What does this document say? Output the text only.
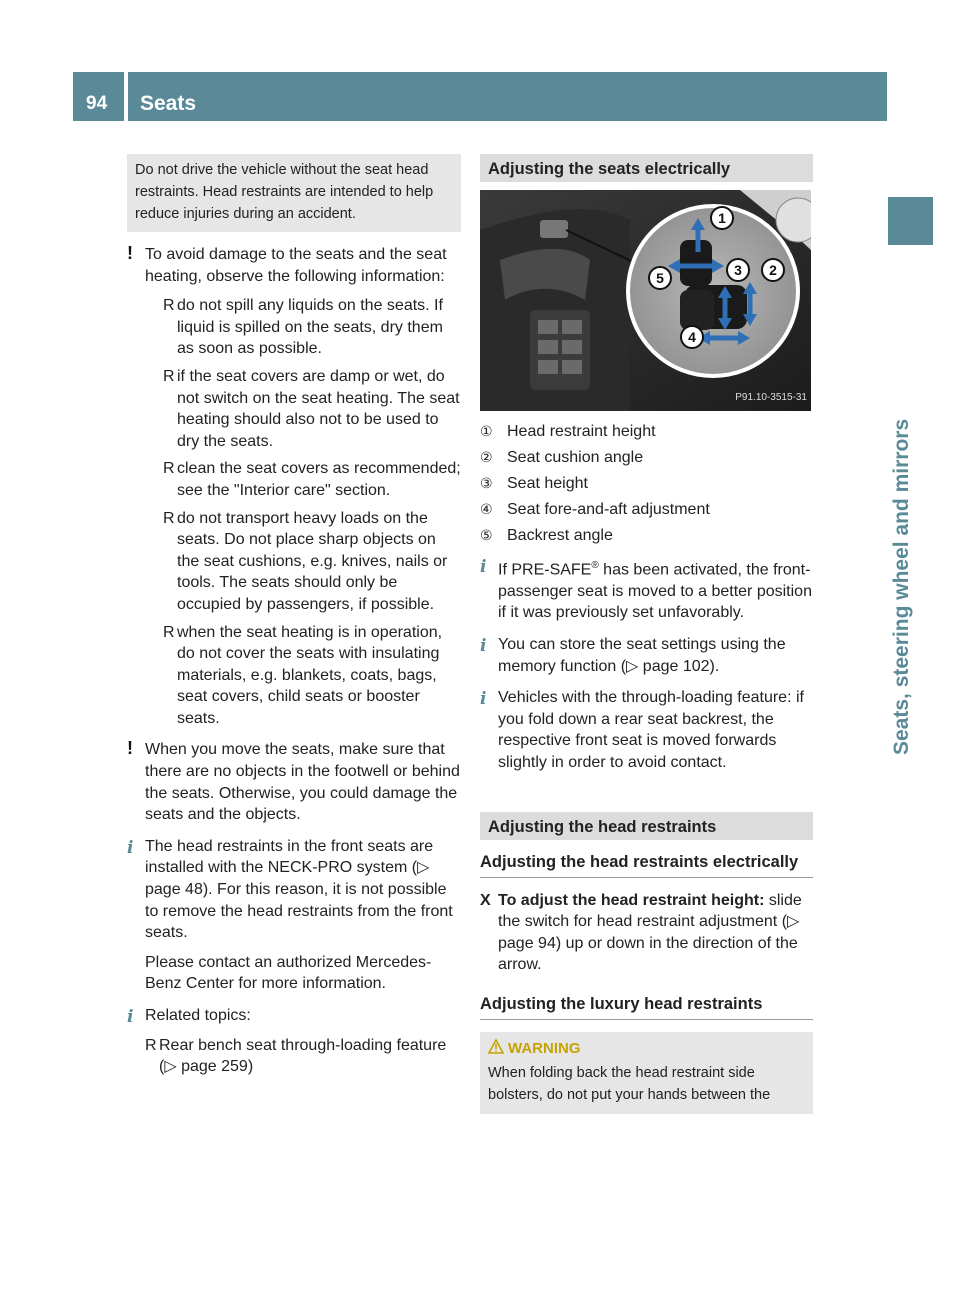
94 Seats
Seats, steering wheel and mirrors
Do not drive the vehicle without the seat head restraints. Head restraints are intended to help reduce injuries during an accident.
! To avoid damage to the seats and the seat heating, observe the following information:
R do not spill any liquids on the seats. If liquid is spilled on the seats, dry them as soon as possible.
R if the seat covers are damp or wet, do not switch on the seat heating. The seat heating should also not to be used to dry the seats.
R clean the seat covers as recommended; see the "Interior care" section.
R do not transport heavy loads on the seats. Do not place sharp objects on the seat cushions, e.g. knives, nails or tools. The seats should only be occupied by passengers, if possible.
R when the seat heating is in operation, do not cover the seats with insulating materials, e.g. blankets, coats, bags, seat covers, child seats or booster seats.
! When you move the seats, make sure that there are no objects in the footwell or behind the seats. Otherwise, you could damage the seats and the objects.
i The head restraints in the front seats are installed with the NECK-PRO system (▷ page 48). For this reason, it is not possible to remove the head restraints from the front seats.
Please contact an authorized Mercedes-Benz Center for more information.
i Related topics:
R Rear bench seat through-loading feature (▷ page 259)
Adjusting the seats electrically
1
2
3
4
5
P91.10-3515-31
① Head restraint height
② Seat cushion angle
③ Seat height
④ Seat fore-and-aft adjustment
⑤ Backrest angle
i If PRE-SAFE® has been activated, the front-passenger seat is moved to a better position if it was previously set unfavorably.
i You can store the seat settings using the memory function (▷ page 102).
i Vehicles with the through-loading feature: if you fold down a rear seat backrest, the respective front seat is moved forwards slightly in order to avoid contact.
Adjusting the head restraints
Adjusting the head restraints electrically
X To adjust the head restraint height: slide the switch for head restraint adjustment (▷ page 94) up or down in the direction of the arrow.
Adjusting the luxury head restraints
WARNING
When folding back the head restraint side bolsters, do not put your hands between the
